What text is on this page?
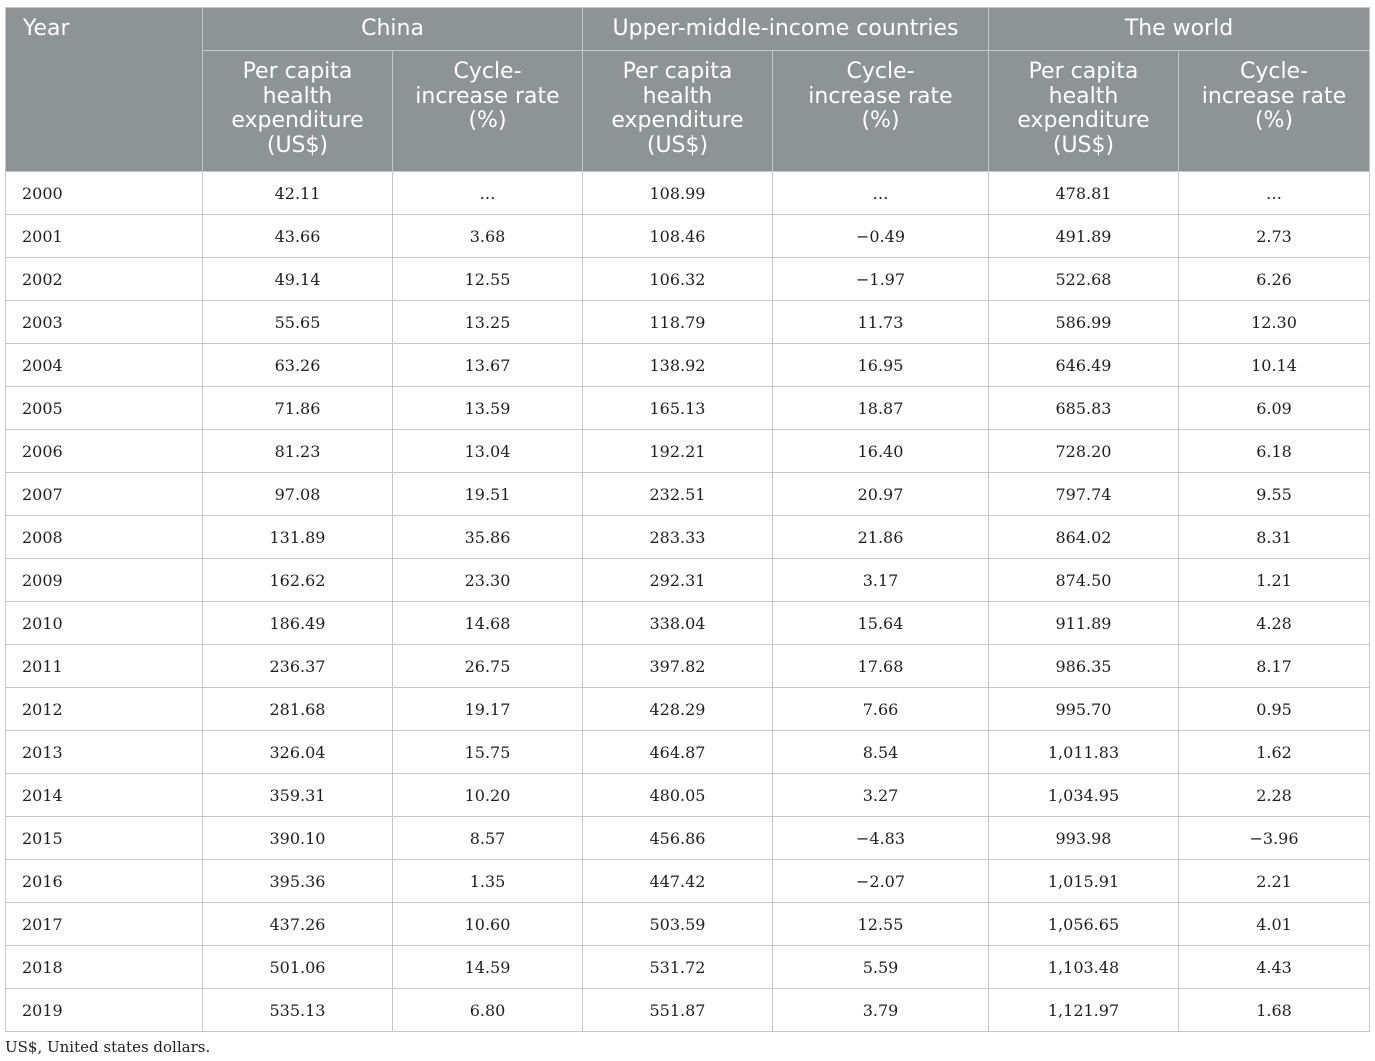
Year	China		Upper-middle-income countries		The world	

	Per capita
health
expenditure
(US$)	Cycle-
increase rate
(%)	Per capita
health
expenditure
(US$)	Cycle-
increase rate
(%)	Per capita
health
expenditure
(US$)	Cycle-
increase rate
(%)

2000	42.11	…	108.99	…	478.81	…
2001	43.66	3.68	108.46	−0.49	491.89	2.73
2002	49.14	12.55	106.32	−1.97	522.68	6.26
2003	55.65	13.25	118.79	11.73	586.99	12.30
2004	63.26	13.67	138.92	16.95	646.49	10.14
2005	71.86	13.59	165.13	18.87	685.83	6.09
2006	81.23	13.04	192.21	16.40	728.20	6.18
2007	97.08	19.51	232.51	20.97	797.74	9.55
2008	131.89	35.86	283.33	21.86	864.02	8.31
2009	162.62	23.30	292.31	3.17	874.50	1.21
2010	186.49	14.68	338.04	15.64	911.89	4.28
2011	236.37	26.75	397.82	17.68	986.35	8.17
2012	281.68	19.17	428.29	7.66	995.70	0.95
2013	326.04	15.75	464.87	8.54	1,011.83	1.62
2014	359.31	10.20	480.05	3.27	1,034.95	2.28
2015	390.10	8.57	456.86	−4.83	993.98	−3.96
2016	395.36	1.35	447.42	−2.07	1,015.91	2.21
2017	437.26	10.60	503.59	12.55	1,056.65	4.01
2018	501.06	14.59	531.72	5.59	1,103.48	4.43
2019	535.13	6.80	551.87	3.79	1,121.97	1.68
US$, United states dollars.
